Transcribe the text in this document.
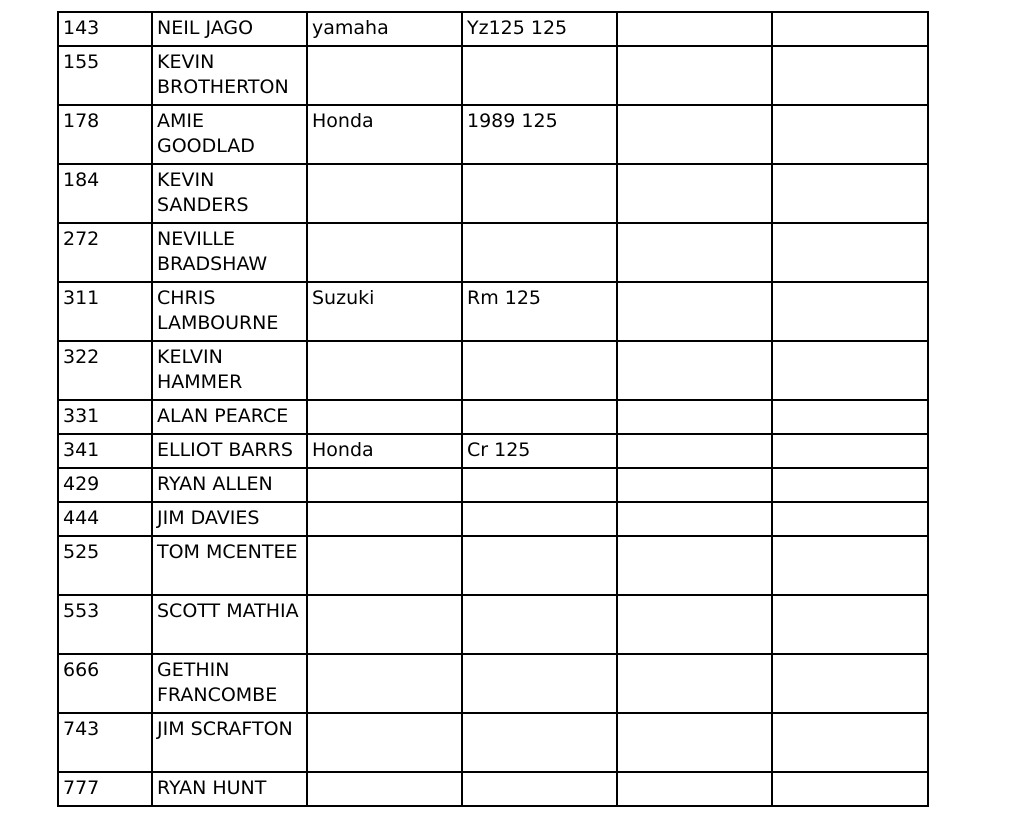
143	NEIL JAGO	yamaha	Yz125 125		
155	KEVIN BROTHERTON				
178	AMIE GOODLAD	Honda	1989 125		
184	KEVIN SANDERS				
272	NEVILLE BRADSHAW				
311	CHRIS LAMBOURNE	Suzuki	Rm 125		
322	KELVIN HAMMER				
331	ALAN PEARCE				
341	ELLIOT BARRS	Honda	Cr 125		
429	RYAN ALLEN				
444	JIM DAVIES				
525	TOM MCENTEE				
553	SCOTT MATHIA				
666	GETHIN FRANCOMBE				
743	JIM SCRAFTON				
777	RYAN HUNT				
